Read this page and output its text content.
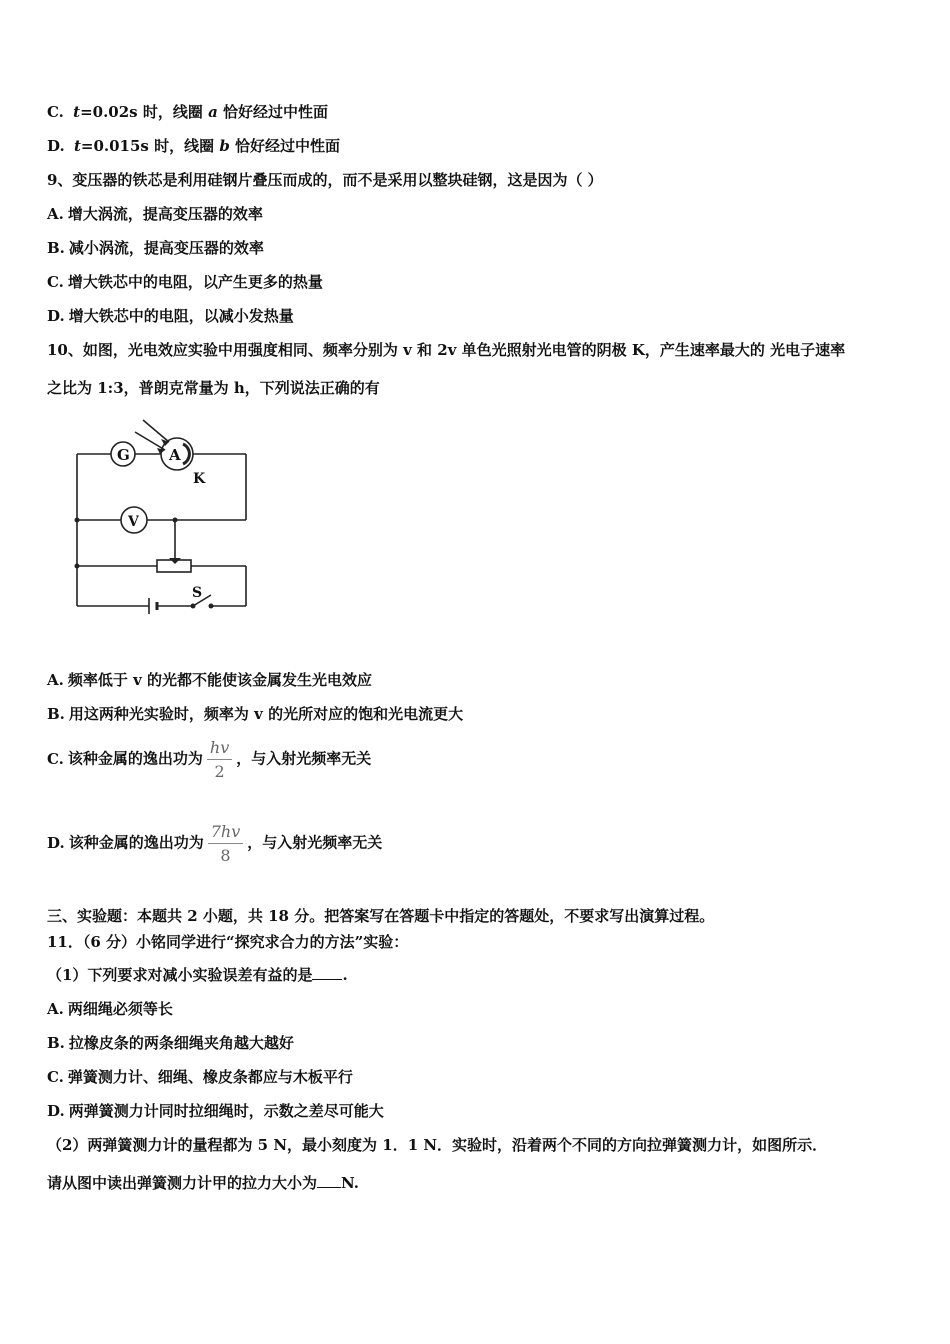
C. t=0.02s 时，线圈 a 恰好经过中性面
D. t=0.015s 时，线圈 b 恰好经过中性面
9、变压器的铁芯是利用硅钢片叠压而成的，而不是采用以整块硅钢，这是因为（ ）
A. 增大涡流，提高变压器的效率
B. 减小涡流，提高变压器的效率
C. 增大铁芯中的电阻，以产生更多的热量
D. 增大铁芯中的电阻，以减小发热量
10、如图，光电效应实验中用强度相同、频率分别为 v 和 2v 单色光照射光电管的阴极 K，产生速率最大的 光电子速率
之比为 1:3，普朗克常量为 h，下列说法正确的有
G	A
K
V
S
A. 频率低于 v 的光都不能使该金属发生光电效应
B. 用这两种光实验时，频率为 v 的光所对应的饱和光电流更大
C. 该种金属的逸出功为 $\frac{hv}{2}$ ，与入射光频率无关
D. 该种金属的逸出功为 $\frac{7hv}{8}$ ，与入射光频率无关
三、实验题：本题共 2 小题，共 18 分。把答案写在答题卡中指定的答题处，不要求写出演算过程。
11．（6 分）小铭同学进行“探究求合力的方法”实验：
（1）下列要求对减小实验误差有益的是 .
A. 两细绳必须等长
B. 拉橡皮条的两条细绳夹角越大越好
C. 弹簧测力计、细绳、橡皮条都应与木板平行
D. 两弹簧测力计同时拉细绳时，示数之差尽可能大
（2）两弹簧测力计的量程都为 5 N，最小刻度为 1．1 N．实验时，沿着两个不同的方向拉弹簧测力计，如图所示．
请从图中读出弹簧测力计甲的拉力大小为 N.
